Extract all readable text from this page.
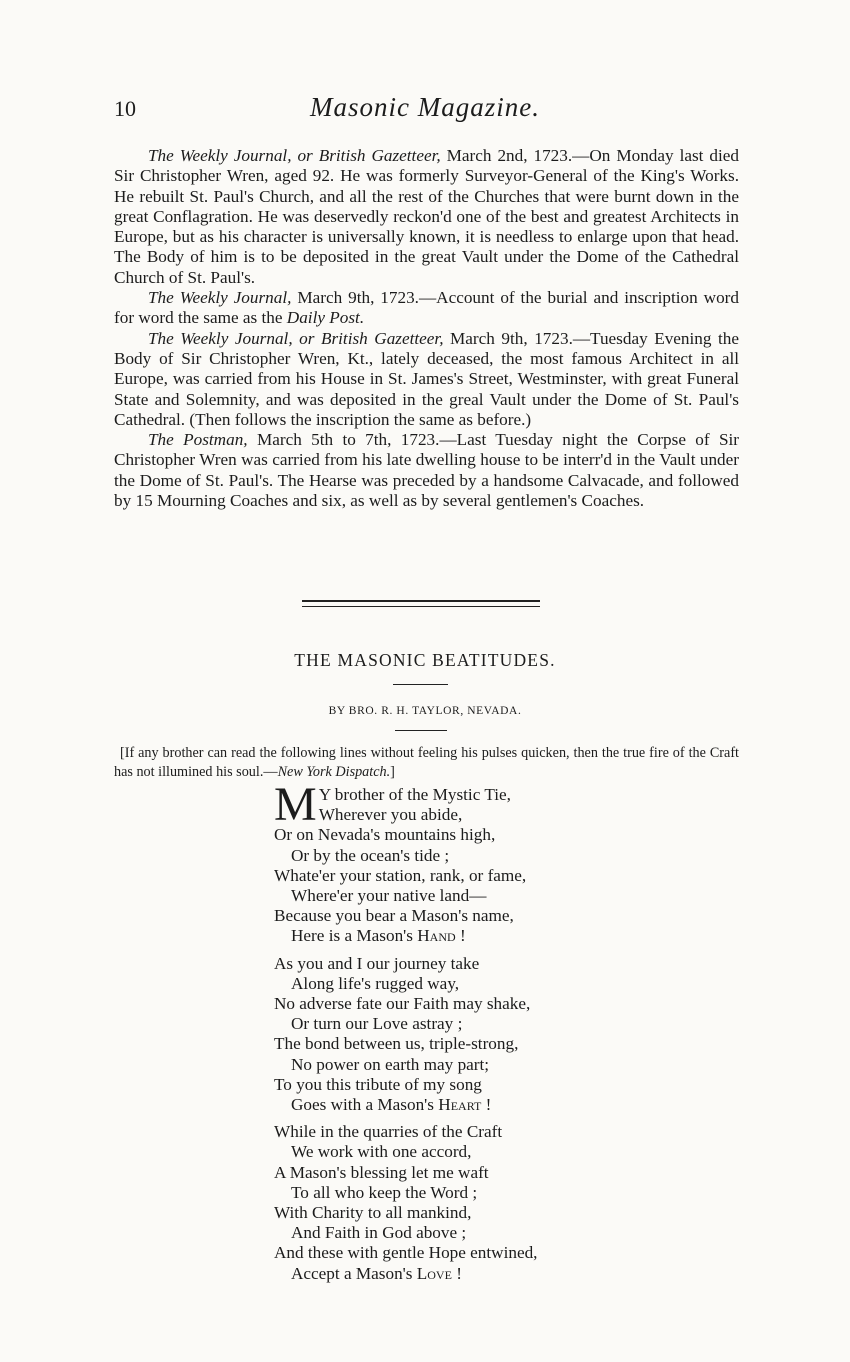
10	Masonic Magazine.

The Weekly Journal, or British Gazetteer, March 2nd, 1723.—On Monday last died Sir Christopher Wren, aged 92. He was formerly Surveyor-General of the King's Works. He rebuilt St. Paul's Church, and all the rest of the Churches that were burnt down in the great Conflagration. He was deservedly reckon'd one of the best and greatest Architects in Europe, but as his character is universally known, it is needless to enlarge upon that head. The Body of him is to be deposited in the great Vault under the Dome of the Cathedral Church of St. Paul's.

The Weekly Journal, March 9th, 1723.—Account of the burial and inscription word for word the same as the Daily Post.

The Weekly Journal, or British Gazetteer, March 9th, 1723.—Tuesday Evening the Body of Sir Christopher Wren, Kt., lately deceased, the most famous Architect in all Europe, was carried from his House in St. James's Street, Westminster, with great Funeral State and Solemnity, and was deposited in the greal Vault under the Dome of St. Paul's Cathedral. (Then follows the inscription the same as before.)

The Postman, March 5th to 7th, 1723.—Last Tuesday night the Corpse of Sir Christopher Wren was carried from his late dwelling house to be interr'd in the Vault under the Dome of St. Paul's. The Hearse was preceded by a handsome Calvacade, and followed by 15 Mourning Coaches and six, as well as by several gentlemen's Coaches.

THE MASONIC BEATITUDES.
BY BRO. R. H. TAYLOR, NEVADA.

[If any brother can read the following lines without feeling his pulses quicken, then the true fire of the Craft has not illumined his soul.—New York Dispatch.]

M Y brother of the Mystic Tie,
Wherever you abide,
Or on Nevada's mountains high,
Or by the ocean's tide ;
Whate'er your station, rank, or fame,
Where'er your native land—
Because you bear a Mason's name,
Here is a Mason's Hand !
As you and I our journey take
Along life's rugged way,
No adverse fate our Faith may shake,
Or turn our Love astray ;
The bond between us, triple-strong,
No power on earth may part;
To you this tribute of my song
Goes with a Mason's Heart !
While in the quarries of the Craft
We work with one accord,
A Mason's blessing let me waft
To all who keep the Word ;
With Charity to all mankind,
And Faith in God above ;
And these with gentle Hope entwined,
Accept a Mason's Love !
